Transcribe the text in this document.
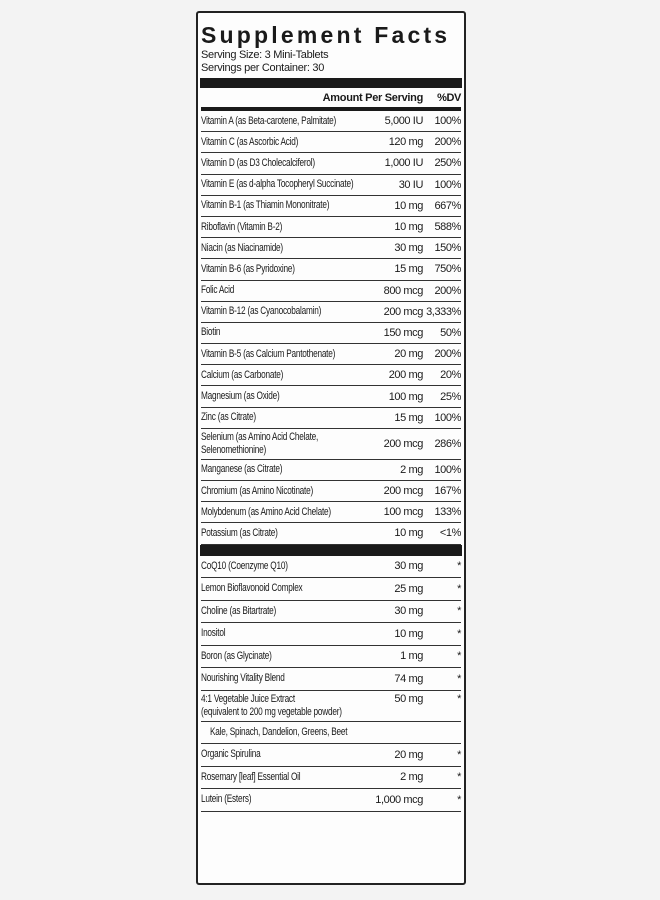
Supplement Facts
Serving Size: 3 Mini-Tablets
Servings per Container: 30
Amount Per Serving	%DV
Vitamin A (as Beta-carotene, Palmitate)	5,000 IU	100%
Vitamin C (as Ascorbic Acid)	120 mg	200%
Vitamin D (as D3 Cholecalciferol)	1,000 IU	250%
Vitamin E (as d-alpha Tocopheryl Succinate)	30 IU	100%
Vitamin B-1 (as Thiamin Mononitrate)	10 mg	667%
Riboflavin (Vitamin B-2)	10 mg	588%
Niacin (as Niacinamide)	30 mg	150%
Vitamin B-6 (as Pyridoxine)	15 mg	750%
Folic Acid	800 mcg	200%
Vitamin B-12 (as Cyanocobalamin)	200 mcg 3,333%
Biotin	150 mcg	50%
Vitamin B-5 (as Calcium Pantothenate)	20 mg	200%
Calcium (as Carbonate)	200 mg	20%
Magnesium (as Oxide)	100 mg	25%
Zinc (as Citrate)	15 mg	100%
Selenium (as Amino Acid Chelate,
Selenomethionine)	200 mcg	286%
Manganese (as Citrate)	2 mg	100%
Chromium (as Amino Nicotinate)	200 mcg	167%
Molybdenum (as Amino Acid Chelate)	100 mcg	133%
Potassium (as Citrate)	10 mg	<1%
CoQ10 (Coenzyme Q10)	30 mg	*
Lemon Bioflavonoid Complex	25 mg	*
Choline (as Bitartrate)	30 mg	*
Inositol	10 mg	*
Boron (as Glycinate)	1 mg	*
Nourishing Vitality Blend	74 mg	*
4:1 Vegetable Juice Extract
(equivalent to 200 mg vegetable powder)
50 mg	*
Kale, Spinach, Dandelion, Greens, Beet
Organic Spirulina	20 mg	*
Rosemary [leaf] Essential Oil	2 mg	*
Lutein (Esters)	1,000 mcg	*
